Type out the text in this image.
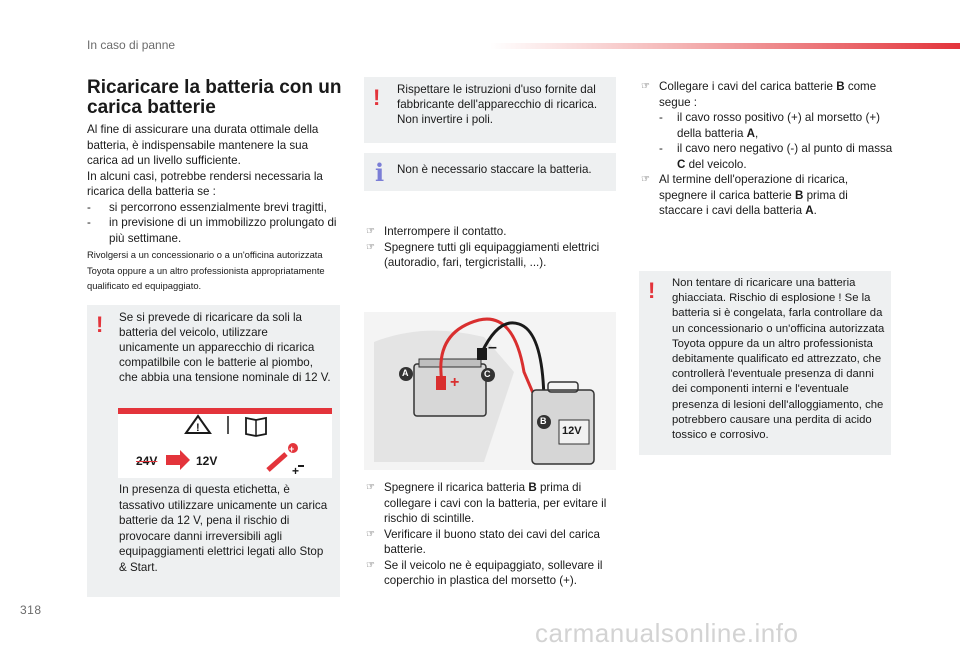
In caso di panne
Ricaricare la batteria con un carica batterie

Al fine di assicurare una durata ottimale della batteria, è indispensabile mantenere la sua carica ad un livello sufficiente.

In alcuni casi, potrebbe rendersi necessaria la ricarica della batteria se :

-	si percorrono essenzialmente brevi tragitti,
-	in previsione di un immobilizzo prolungato di più settimane.

Rivolgersi a un concessionario o a un'officina autorizzata Toyota oppure a un altro professionista appropriatamente qualificato ed equipaggiato.

! Se si prevede di ricaricare da soli la batteria del veicolo, utilizzare unicamente un apparecchio di ricarica compatilbile con le batterie al piombo, che abbia una tensione nominale di 12 V.
!
+
+
24V	12V
In presenza di questa etichetta, è tassativo utilizzare unicamente un carica batterie da 12 V, pena il rischio di provocare danni irreversibili agli equipaggiamenti elettrici legati allo Stop & Start.
! Rispettare le istruzioni d'uso fornite dal fabbricante dell'apparecchio di ricarica. Non invertire i poli.
i Non è necessario staccare la batteria.
☞ Interrompere il contatto.
☞ Spegnere tutti gli equipaggiamenti elettrici (autoradio, fari, tergicristalli, ...).
+
–
A	C
B
12V
☞ Spegnere il ricarica batteria B prima di collegare i cavi con la batteria, per evitare il rischio di scintille.
☞ Verificare il buono stato dei cavi del carica batterie.
☞ Se il veicolo ne è equipaggiato, sollevare il coperchio in plastica del morsetto (+).
☞ Collegare i cavi del carica batterie B come segue :
-	il cavo rosso positivo (+) al morsetto (+) della batteria A,
-	il cavo nero negativo (-) al punto di massa C del veicolo.
☞ Al termine dell'operazione di ricarica, spegnere il carica batterie B prima di staccare i cavi della batteria A.
! Non tentare di ricaricare una batteria ghiacciata. Rischio di esplosione ! Se la batteria si è congelata, farla controllare da un concessionario o un'officina autorizzata Toyota oppure da un altro professionista debitamente qualificato ed attrezzato, che controllerà l'eventuale presenza di danni dei componenti interni e l'eventuale presenza di lesioni dell'alloggiamento, che potrebbero causare una perdita di acido tossico e corrosivo.
318
carmanualsonline.info
